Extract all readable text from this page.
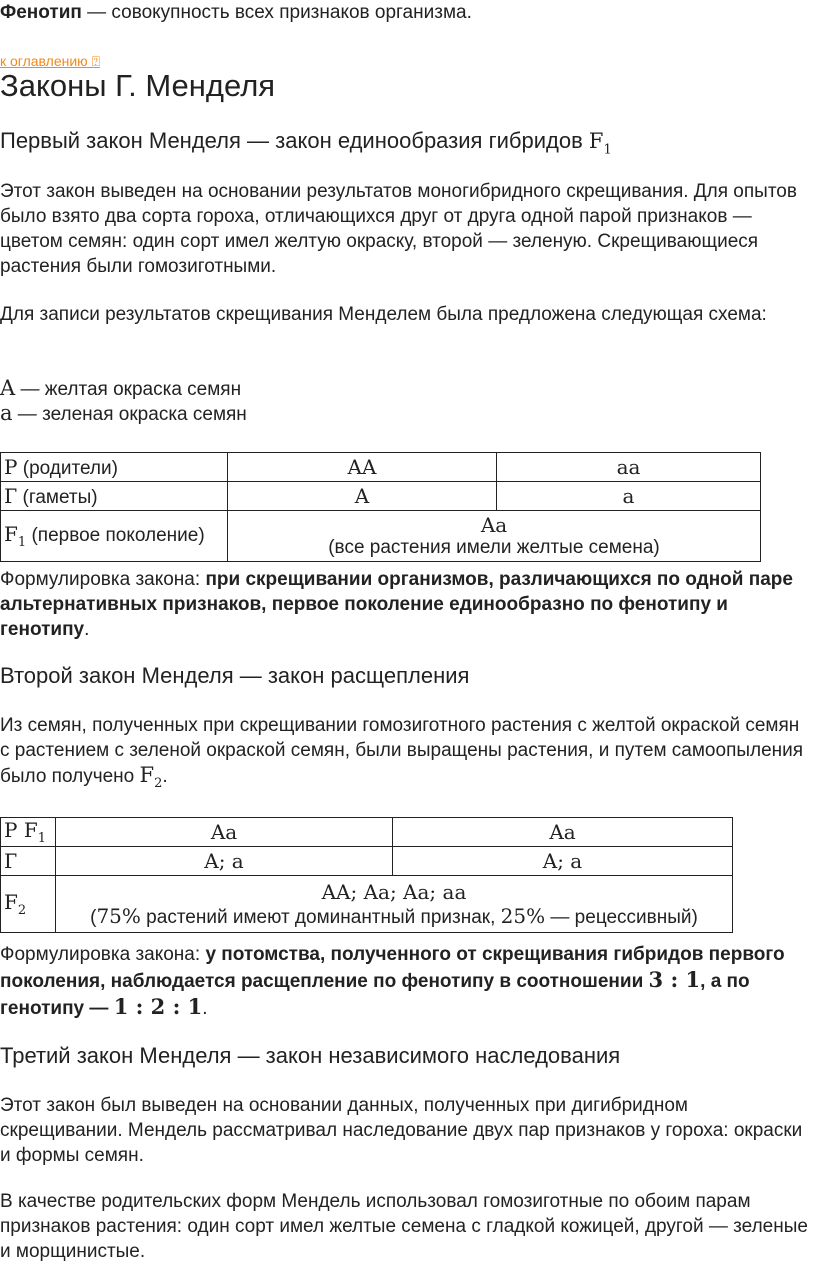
Фенотип — совокупность всех признаков организма.

к оглавлению ⍰
Законы Г. Менделя
Первый закон Менделя — закон единообразия гибридов $F_1$

Этот закон выведен на основании результатов моногибридного скрещивания. Для опытов было взято два сорта гороха, отличающихся друг от друга одной парой признаков — цветом семян: один сорт имел желтую окраску, второй — зеленую. Скрещивающиеся растения были гомозиготными.

Для записи результатов скрещивания Менделем была предложена следующая схема:

A — желтая окраска семян

a — зеленая окраска семян

P (родители)	AA	aa
Г (гаметы)	A	a
$F_1$ (первое поколение)	Aa
(все растения имели желтые семена)	

Формулировка закона: при скрещивании организмов, различающихся по одной паре альтернативных признаков, первое поколение единообразно по фенотипу и генотипу.

Второй закон Менделя — закон расщепления

Из семян, полученных при скрещивании гомозиготного растения с желтой окраской семян с растением с зеленой окраской семян, были выращены растения, и путем самоопыления было получено $F_2$.

P $F_1$	Aa	Aa
Г	A; a	A; a
$F_2$	AA; Aa; Aa; aa
(75% растений имеют доминантный признак, 25% — рецессивный)	

Формулировка закона: у потомства, полученного от скрещивания гибридов первого поколения, наблюдается расщепление по фенотипу в соотношении 3 : 1, а по генотипу — 1 : 2 : 1.

Третий закон Менделя — закон независимого наследования

Этот закон был выведен на основании данных, полученных при дигибридном скрещивании. Мендель рассматривал наследование двух пар признаков у гороха: окраски и формы семян.

В качестве родительских форм Мендель использовал гомозиготные по обоим парам признаков растения: один сорт имел желтые семена с гладкой кожицей, другой — зеленые и морщинистые.
